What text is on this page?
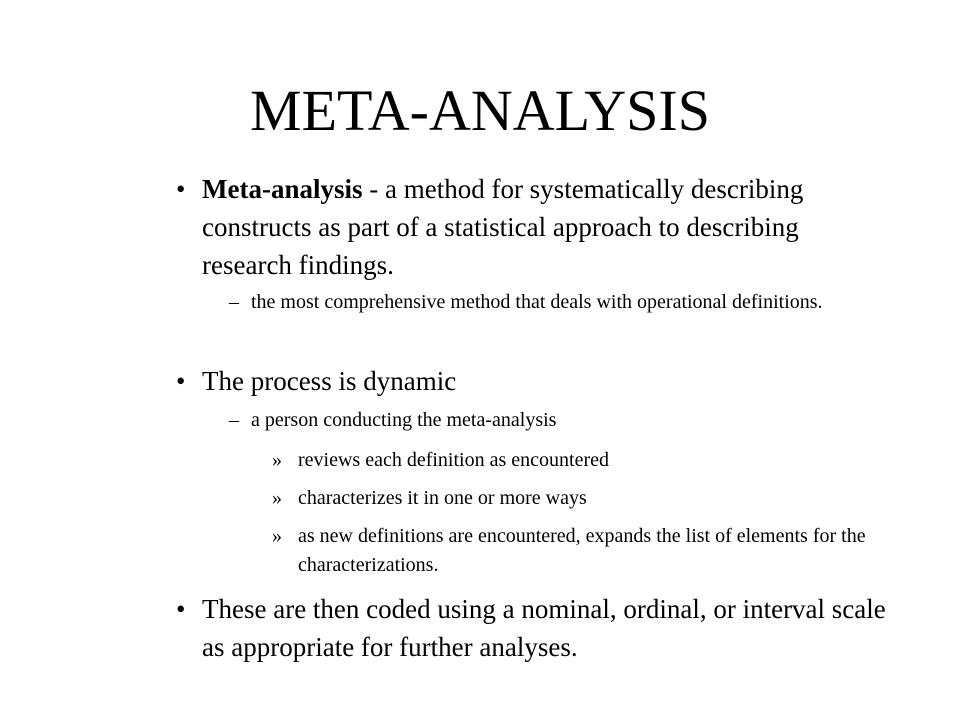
META-ANALYSIS
• Meta-analysis - a method for systematically describing constructs as part of a statistical approach to describing research findings.
– the most comprehensive method that deals with operational definitions.
• The process is dynamic
– a person conducting the meta-analysis
» reviews each definition as encountered
» characterizes it in one or more ways
» as new definitions are encountered, expands the list of elements for the characterizations.
• These are then coded using a nominal, ordinal, or interval scale as appropriate for further analyses.
